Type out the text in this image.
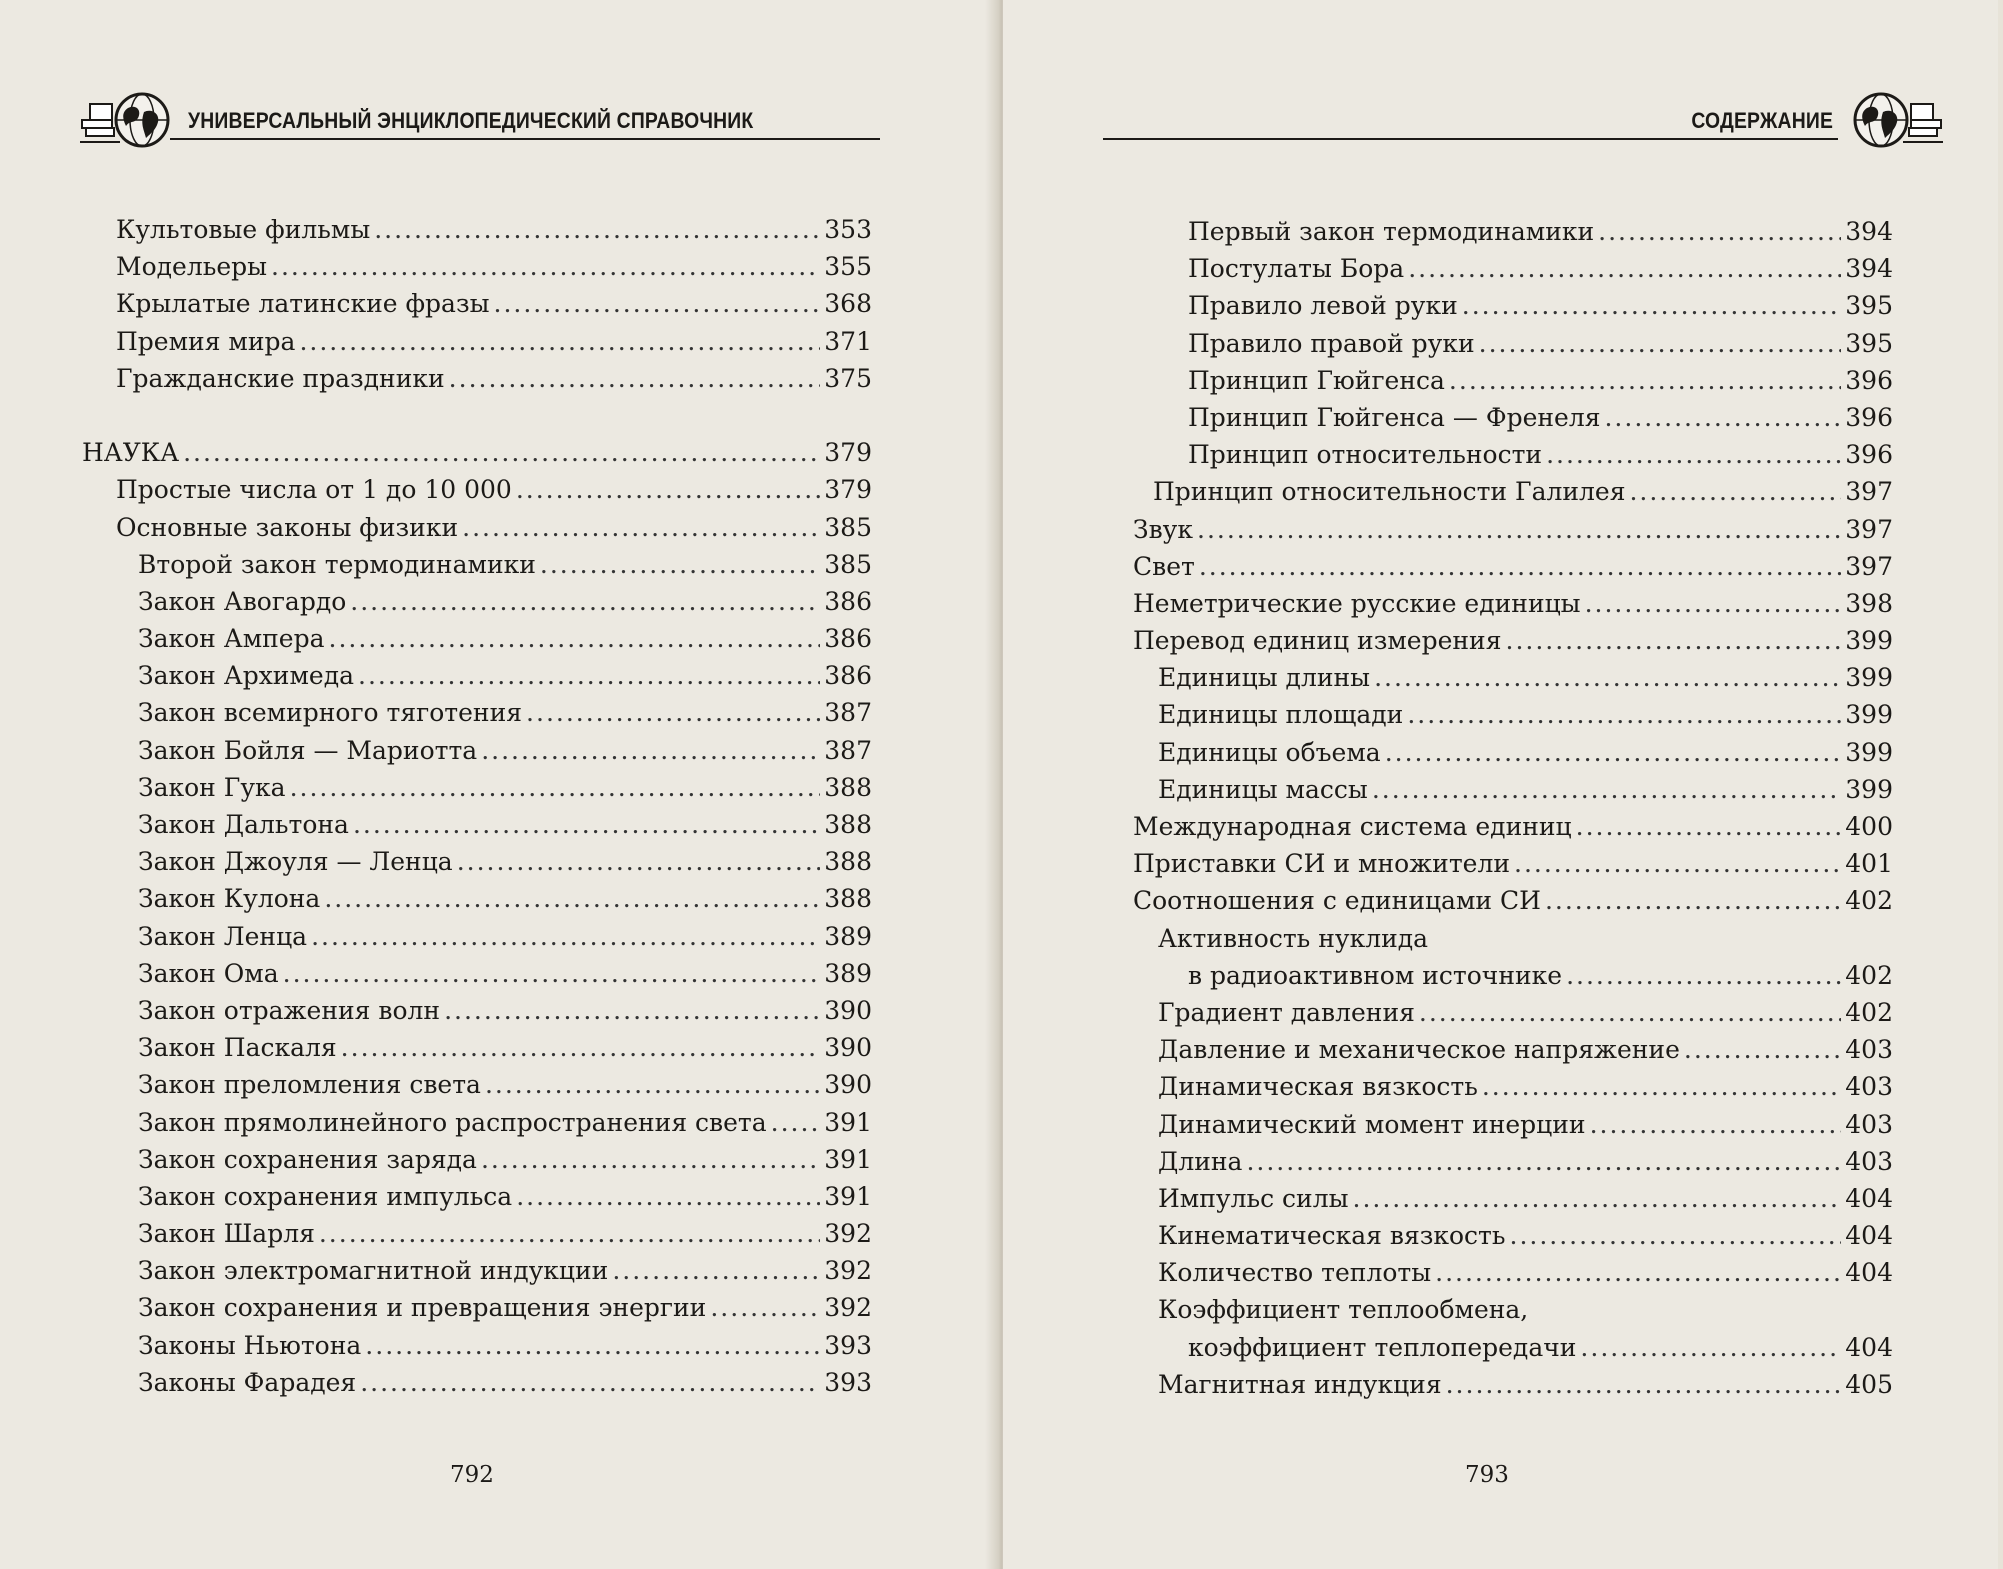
УНИВЕРСАЛЬНЫЙ ЭНЦИКЛОПЕДИЧЕСКИЙ СПРАВОЧНИК
Культовые фильмы .....	353
Модельеры .....	355
Крылатые латинские фразы .....	368
Премия мира .....	371
Гражданские праздники .....	375
НАУКА .....	379
Простые числа от 1 до 10 000 .....	379
Основные законы физики .....	385
Второй закон термодинамики .....	385
Закон Авогардо .....	386
Закон Ампера .....	386
Закон Архимеда .....	386
Закон всемирного тяготения .....	387
Закон Бойля — Мариотта .....	387
Закон Гука .....	388
Закон Дальтона .....	388
Закон Джоуля — Ленца .....	388
Закон Кулона .....	388
Закон Ленца .....	389
Закон Ома .....	389
Закон отражения волн .....	390
Закон Паскаля .....	390
Закон преломления света .....	390
Закон прямолинейного распространения света ..... 391
Закон сохранения заряда .....	391
Закон сохранения импульса .....	391
Закон Шарля .....	392
Закон электромагнитной индукции .....	392
Закон сохранения и превращения энергии .....	392
Законы Ньютона .....	393
Законы Фарадея .....	393
792
СОДЕРЖАНИЕ
Первый закон термодинамики .....	394
Постулаты Бора .....	394
Правило левой руки .....	395
Правило правой руки .....	395
Принцип Гюйгенса .....	396
Принцип Гюйгенса — Френеля .....	396
Принцип относительности .....	396
Принцип относительности Галилея .....	397
Звук .....	397
Свет .....	397
Неметрические русские единицы .....	398
Перевод единиц измерения .....	399
Единицы длины .....	399
Единицы площади .....	399
Единицы объема .....	399
Единицы массы .....	399
Международная система единиц .....	400
Приставки СИ и множители .....	401
Соотношения с единицами СИ .....	402
Активность нуклида
в радиоактивном источнике .....	402
Градиент давления .....	402
Давление и механическое напряжение .....	403
Динамическая вязкость .....	403
Динамический момент инерции .....	403
Длина .....	403
Импульс силы .....	404
Кинематическая вязкость .....	404
Количество теплоты .....	404
Коэффициент теплообмена,
коэффициент теплопередачи .....	404
Магнитная индукция .....	405
793
